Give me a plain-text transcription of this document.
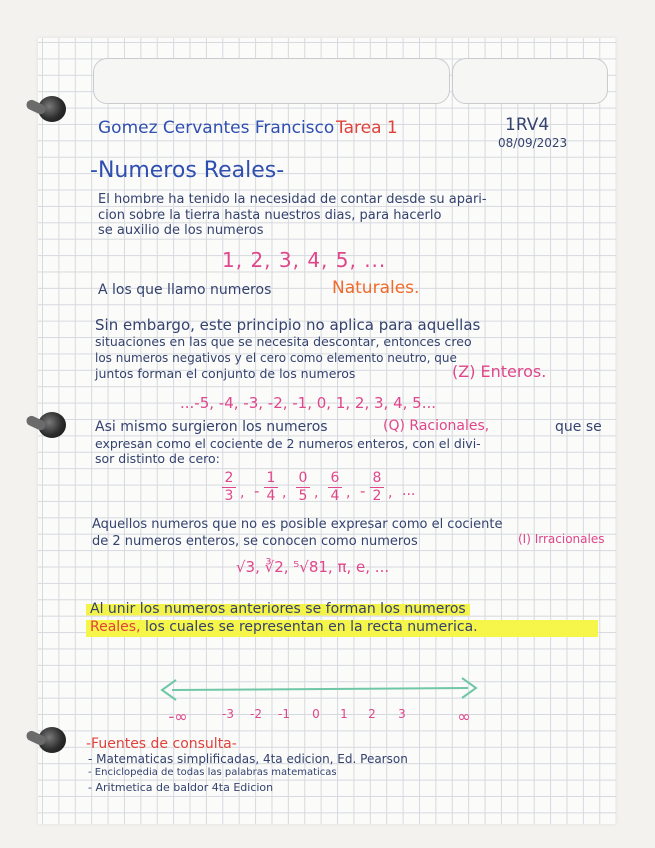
Gomez Cervantes Francisco Tarea 1	1RV4
08/09/2023
-Numeros Reales-
El hombre ha tenido la necesidad de contar desde su apari-
cion sobre la tierra hasta nuestros dias, para hacerlo
se auxilio de los numeros
1, 2, 3, 4, 5, ...
A los que llamo numeros	Naturales.
Sin embargo, este principio no aplica para aquellas
situaciones en las que se necesita descontar, entonces creo
los numeros negativos y el cero como elemento neutro, que
juntos forman el conjunto de los numeros	(Z) Enteros.
...-5, -4, -3, -2, -1, 0, 1, 2, 3, 4, 5...
Asi mismo surgieron los numeros	(Q) Racionales,	que se
expresan como el cociente de 2 numeros enteros, con el divi-
sor distinto de cero:
2
3 , -
1
4 ,
0
5 ,
6
4 , -
8
2 , ...
Aquellos numeros que no es posible expresar como el cociente
de 2 numeros enteros, se conocen como numeros	(I) Irracionales
√3, ∛2, ⁵√81, π, e, ...
Al unir los numeros anteriores se forman los numeros
Reales, los cuales se representan en la recta numerica.
-∞	-3 -2 -1 0 1 2 3	∞
-Fuentes de consulta-
- Matematicas simplificadas, 4ta edicion, Ed. Pearson
- Enciclopedia de todas las palabras matematicas
- Aritmetica de baldor 4ta Edicion
